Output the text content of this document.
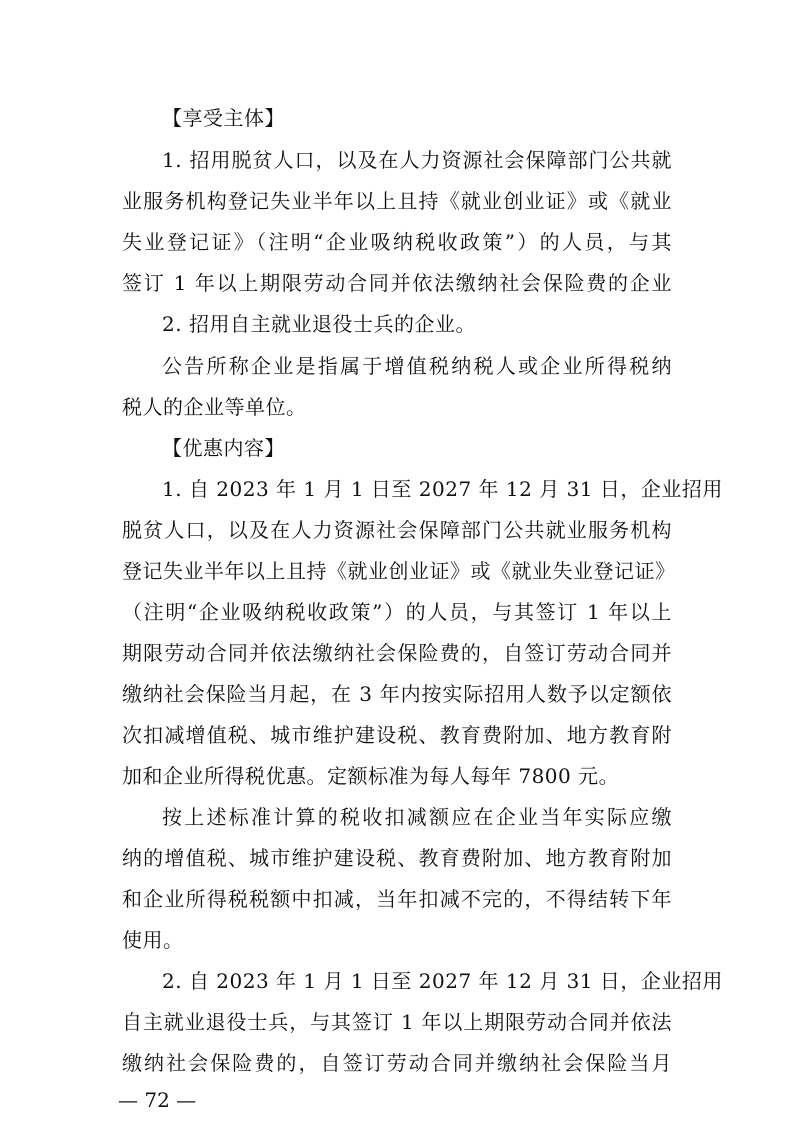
【享受主体】
1. 招用脱贫人口，以及在人力资源社会保障部门公共就
业服务机构登记失业半年以上且持《就业创业证》或《就业
失业登记证》（注明“企业吸纳税收政策”）的人员，与其
签订 1 年以上期限劳动合同并依法缴纳社会保险费的企业
2. 招用自主就业退役士兵的企业。
公告所称企业是指属于增值税纳税人或企业所得税纳
税人的企业等单位。
【优惠内容】
1. 自 2023 年 1 月 1 日至 2027 年 12 月 31 日，企业招用
脱贫人口，以及在人力资源社会保障部门公共就业服务机构
登记失业半年以上且持《就业创业证》或《就业失业登记证》
（注明“企业吸纳税收政策”）的人员，与其签订 1 年以上
期限劳动合同并依法缴纳社会保险费的，自签订劳动合同并
缴纳社会保险当月起，在 3 年内按实际招用人数予以定额依
次扣减增值税、城市维护建设税、教育费附加、地方教育附
加和企业所得税优惠。定额标准为每人每年 7800 元。
按上述标准计算的税收扣减额应在企业当年实际应缴
纳的增值税、城市维护建设税、教育费附加、地方教育附加
和企业所得税税额中扣减，当年扣减不完的，不得结转下年
使用。
2. 自 2023 年 1 月 1 日至 2027 年 12 月 31 日，企业招用
自主就业退役士兵，与其签订 1 年以上期限劳动合同并依法
缴纳社会保险费的，自签订劳动合同并缴纳社会保险当月
— 72 —
